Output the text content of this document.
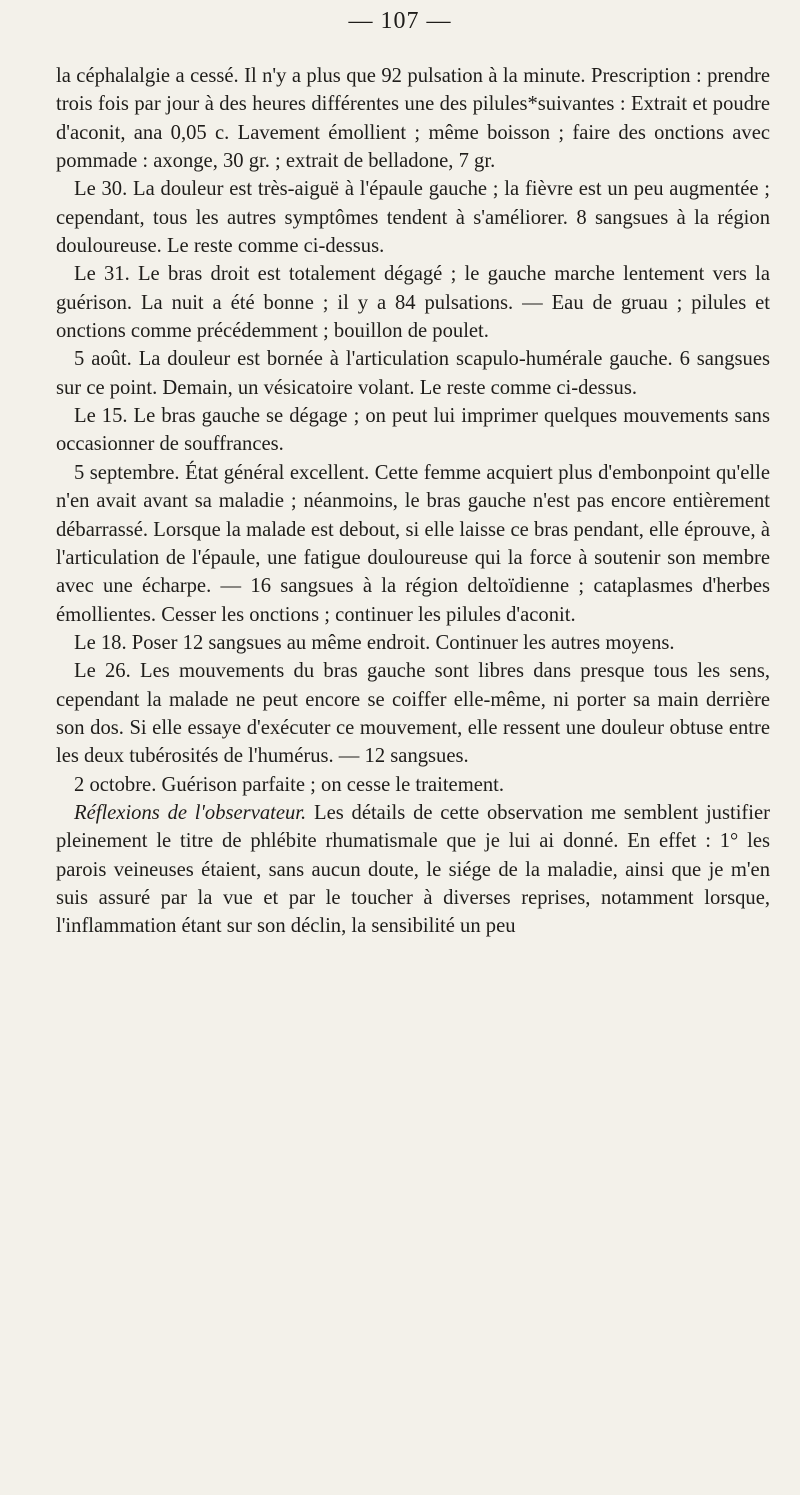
— 107 —

la céphalalgie a cessé. Il n'y a plus que 92 pulsation à la minute. Prescription : prendre trois fois par jour à des heures différentes une des pilules*suivantes : Extrait et poudre d'aconit, ana 0,05 c. Lavement émollient ; même boisson ; faire des onctions avec pommade : axonge, 30 gr. ; extrait de belladone, 7 gr.

Le 30. La douleur est très-aiguë à l'épaule gauche ; la fièvre est un peu augmentée ; cependant, tous les autres symptômes tendent à s'améliorer. 8 sangsues à la région douloureuse. Le reste comme ci-dessus.

Le 31. Le bras droit est totalement dégagé ; le gauche marche lentement vers la guérison. La nuit a été bonne ; il y a 84 pulsations. — Eau de gruau ; pilules et onctions comme précédemment ; bouillon de poulet.

5 août. La douleur est bornée à l'articulation scapulo-humérale gauche. 6 sangsues sur ce point. Demain, un vésicatoire volant. Le reste comme ci-dessus.

Le 15. Le bras gauche se dégage ; on peut lui imprimer quelques mouvements sans occasionner de souffrances.

5 septembre. État général excellent. Cette femme acquiert plus d'embonpoint qu'elle n'en avait avant sa maladie ; néanmoins, le bras gauche n'est pas encore entièrement débarrassé. Lorsque la malade est debout, si elle laisse ce bras pendant, elle éprouve, à l'articulation de l'épaule, une fatigue douloureuse qui la force à soutenir son membre avec une écharpe. — 16 sangsues à la région deltoïdienne ; cataplasmes d'herbes émollientes. Cesser les onctions ; continuer les pilules d'aconit.

Le 18. Poser 12 sangsues au même endroit. Continuer les autres moyens.

Le 26. Les mouvements du bras gauche sont libres dans presque tous les sens, cependant la malade ne peut encore se coiffer elle-même, ni porter sa main derrière son dos. Si elle essaye d'exécuter ce mouvement, elle ressent une douleur obtuse entre les deux tubérosités de l'humérus. — 12 sangsues.

2 octobre. Guérison parfaite ; on cesse le traitement.

Réflexions de l'observateur. Les détails de cette observation me semblent justifier pleinement le titre de phlébite rhumatismale que je lui ai donné. En effet : 1° les parois veineuses étaient, sans aucun doute, le siége de la maladie, ainsi que je m'en suis assuré par la vue et par le toucher à diverses reprises, notamment lorsque, l'inflammation étant sur son déclin, la sensibilité un peu
